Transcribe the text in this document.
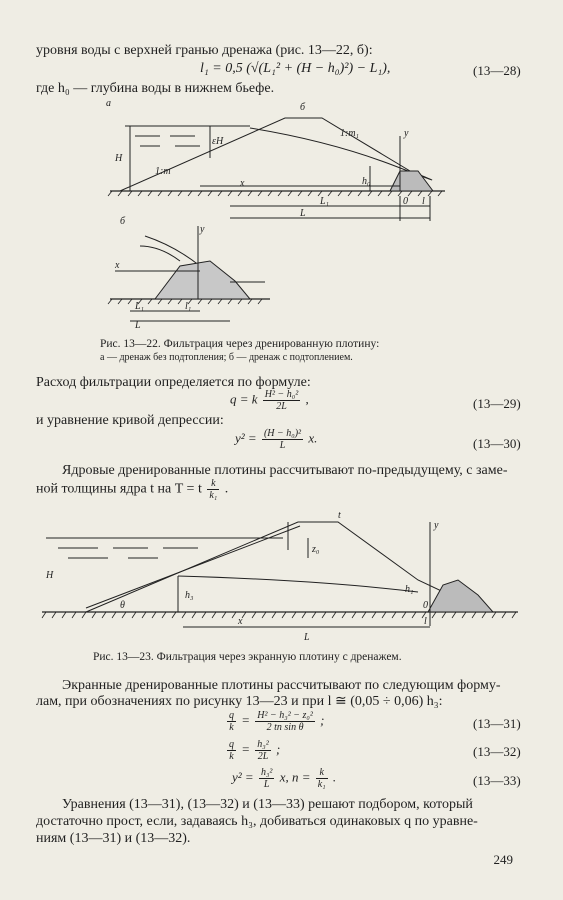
уровня воды с верхней гранью дренажа (рис. 13—22, б):
l₁ = 0,5 (√(L₁² + (H − h₀)²) − L₁),	(13—28)
где h₀ — глубина воды в нижнем бьефе.
а	б
H
1:m
1:m₁
εH
x
y
h₀
L₁
L
0 l
б
y
x
L₁	l₁
L
Рис. 13—22. Фильтрация через дренированную плотину:
а — дренаж без подтопления; б — дренаж с подтоплением.
Расход фильтрации определяется по формуле:
q = k $\frac{\text{H² − h₀²}}{2L}$ ,	(13—29)
и уравнение кривой депрессии:
$y^2 = \frac{\text{(H − h₀)²}}{L} x$.	(13—30)
Ядровые дренированные плотины рассчитывают по-предыдущему, с заме-
ной толщины ядра t на T = t $\frac{k}{\text{k₁}}$ .
H
θ
h₃
h₁
y
x
L
0
l
t
z₀
Рис. 13—23. Фильтрация через экранную плотину с дренажем.
Экранные дренированные плотины рассчитывают по следующим форму-
лам, при обозначениях по рисунку 13—23 и при l ≅ (0,05 ÷ 0,06) h₃:
$\frac{q}{k} = \frac{\text{H² − h₃² − z₀²}}{\text{2 tn sin θ}}$ ;	(13—31)
$\frac{q}{k} = \frac{\text{h₃²}}{2L}$ ;	(13—32)
$y^2 = \frac{\text{h₃²}}{L} x$, $n = \frac{k}{\text{k₁}}$ .	(13—33)
Уравнения (13—31), (13—32) и (13—33) решают подбором, который
достаточно прост, если, задаваясь h₃, добиваться одинаковых q по уравне-
ниям (13—31) и (13—32).
249
